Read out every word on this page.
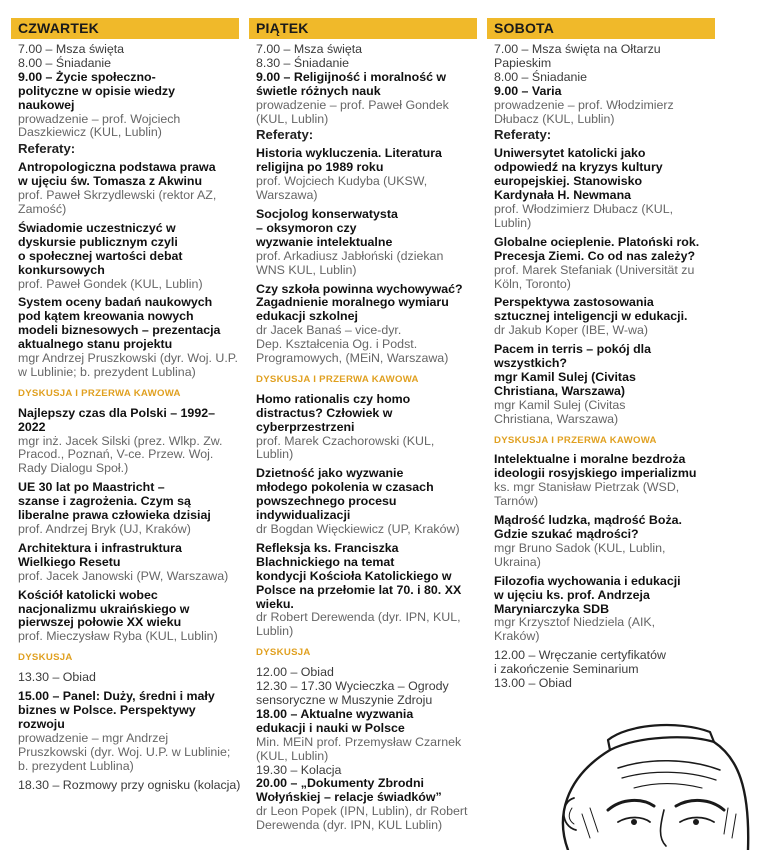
CZWARTEK
7.00 – Msza święta
8.00 – Śniadanie
9.00 – Życie społeczno-
polityczne w opisie wiedzy
naukowej
prowadzenie – prof. Wojciech
Daszkiewicz (KUL, Lublin)
Referaty:
Antropologiczna podstawa prawa
w ujęciu św. Tomasza z Akwinu
prof. Paweł Skrzydlewski (rektor AZ,
Zamość)
Świadomie uczestniczyć w
dyskursie publicznym czyli
o społecznej wartości debat
konkursowych
prof. Paweł Gondek (KUL, Lublin)
System oceny badań naukowych
pod kątem kreowania nowych
modeli biznesowych – prezentacja
aktualnego stanu projektu
mgr Andrzej Pruszkowski (dyr. Woj. U.P.
w Lublinie; b. prezydent Lublina)
DYSKUSJA I PRZERWA KAWOWA
Najlepszy czas dla Polski – 1992–
2022
mgr inż. Jacek Silski (prez. Wlkp. Zw.
Pracod., Poznań, V-ce. Przew. Woj.
Rady Dialogu Społ.)
UE 30 lat po Maastricht –
szanse i zagrożenia. Czym są
liberalne prawa człowieka dzisiaj
prof. Andrzej Bryk (UJ, Kraków)
Architektura i infrastruktura
Wielkiego Resetu
prof. Jacek Janowski (PW, Warszawa)
Kościół katolicki wobec
nacjonalizmu ukraińskiego w
pierwszej połowie XX wieku
prof. Mieczysław Ryba (KUL, Lublin)
DYSKUSJA
13.30 – Obiad
15.00 – Panel: Duży, średni i mały
biznes w Polsce. Perspektywy
rozwoju
prowadzenie – mgr Andrzej
Pruszkowski (dyr. Woj. U.P. w Lublinie;
b. prezydent Lublina)
18.30 – Rozmowy przy ognisku (kolacja)
PIĄTEK
7.00 – Msza święta
8.30 – Śniadanie
9.00 – Religijność i moralność w
świetle różnych nauk
prowadzenie – prof. Paweł Gondek
(KUL, Lublin)
Referaty:
Historia wykluczenia. Literatura
religijna po 1989 roku
prof. Wojciech Kudyba (UKSW,
Warszawa)
Socjolog konserwatysta
– oksymoron czy
wyzwanie intelektualne
prof. Arkadiusz Jabłoński (dziekan
WNS KUL, Lublin)
Czy szkoła powinna wychowywać?
Zagadnienie moralnego wymiaru
edukacji szkolnej
dr Jacek Banaś – vice-dyr.
Dep. Kształcenia Og. i Podst.
Programowych, (MEiN, Warszawa)
DYSKUSJA I PRZERWA KAWOWA
Homo rationalis czy homo
distractus? Człowiek w
cyberprzestrzeni
prof. Marek Czachorowski (KUL,
Lublin)
Dzietność jako wyzwanie
młodego pokolenia w czasach
powszechnego procesu
indywidualizacji
dr Bogdan Więckiewicz (UP, Kraków)
Refleksja ks. Franciszka
Blachnickiego na temat
kondycji Kościoła Katolickiego w
Polsce na przełomie lat 70. i 80. XX
wieku.
dr Robert Derewenda (dyr. IPN, KUL,
Lublin)
DYSKUSJA
12.00 – Obiad
12.30 – 17.30 Wycieczka – Ogrody
sensoryczne w Muszynie Zdroju
18.00 – Aktualne wyzwania
edukacji i nauki w Polsce
Min. MEiN prof. Przemysław Czarnek
(KUL, Lublin)
19.30 – Kolacja
20.00 – „Dokumenty Zbrodni
Wołyńskiej – relacje świadków”
dr Leon Popek (IPN, Lublin), dr Robert
Derewenda (dyr. IPN, KUL Lublin)
SOBOTA
7.00 – Msza święta na Ołtarzu
Papieskim
8.00 – Śniadanie
9.00 – Varia
prowadzenie – prof. Włodzimierz
Dłubacz (KUL, Lublin)
Referaty:
Uniwersytet katolicki jako
odpowiedź na kryzys kultury
europejskiej. Stanowisko
Kardynała H. Newmana
prof. Włodzimierz Dłubacz (KUL,
Lublin)
Globalne ocieplenie. Platoński rok.
Precesja Ziemi. Co od nas zależy?
prof. Marek Stefaniak (Universität zu
Köln, Toronto)
Perspektywa zastosowania
sztucznej inteligencji w edukacji.
dr Jakub Koper (IBE, W-wa)
Pacem in terris – pokój dla
wszystkich?
mgr Kamil Sulej (Civitas
Christiana, Warszawa)
mgr Kamil Sulej (Civitas
Christiana, Warszawa)
DYSKUSJA I PRZERWA KAWOWA
Intelektualne i moralne bezdroża
ideologii rosyjskiego imperializmu
ks. mgr Stanisław Pietrzak (WSD,
Tarnów)
Mądrość ludzka, mądrość Boża.
Gdzie szukać mądrości?
mgr Bruno Sadok (KUL, Lublin,
Ukraina)
Filozofia wychowania i edukacji
w ujęciu ks. prof. Andrzeja
Maryniarczyka SDB
mgr Krzysztof Niedziela (AIK,
Kraków)
12.00 – Wręczanie certyfikatów
i zakończenie Seminarium
13.00 – Obiad
